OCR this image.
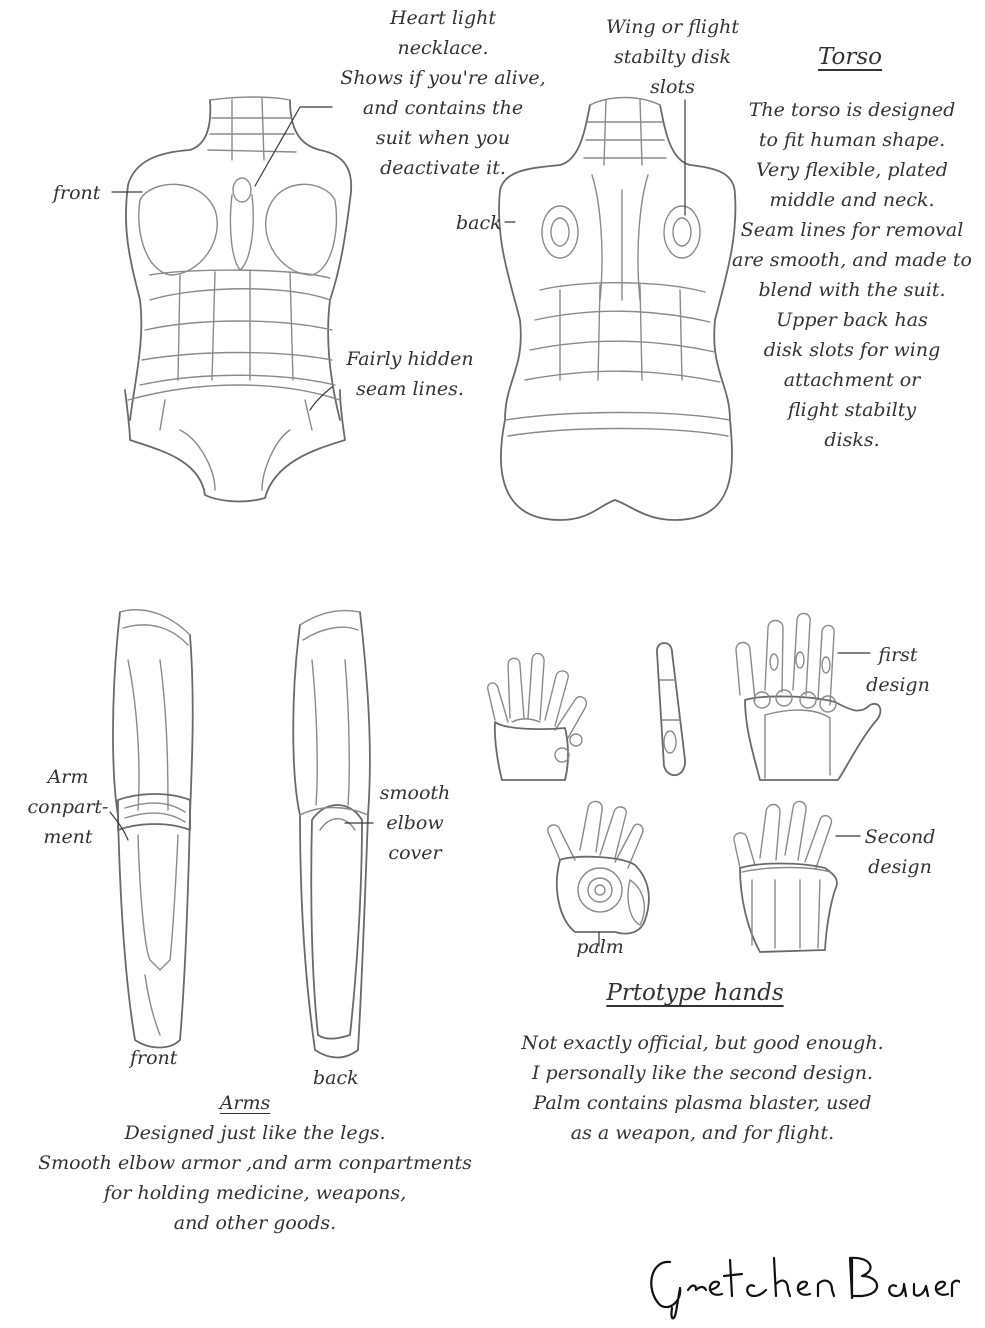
Heart light
necklace.
Shows if you're alive,
and contains the
suit when you
deactivate it.
front
Fairly hidden
seam lines.
Wing or flight
stabilty disk
slots
back
Torso
The torso is designed
to fit human shape.
Very flexible, plated
middle and neck.
Seam lines for removal
are smooth, and made to
blend with the suit.
Upper back has
disk slots for wing
attachment or
flight stabilty
disks.
Arm
conpart-
ment
smooth
elbow
cover
front
back
Arms
Designed just like the legs.
Smooth elbow armor ,and arm conpartments
for holding medicine, weapons,
and other goods.
first
design
Second
design
palm
Prtotype hands
Not exactly official, but good enough.
I personally like the second design.
Palm contains plasma blaster, used
as a weapon, and for flight.
